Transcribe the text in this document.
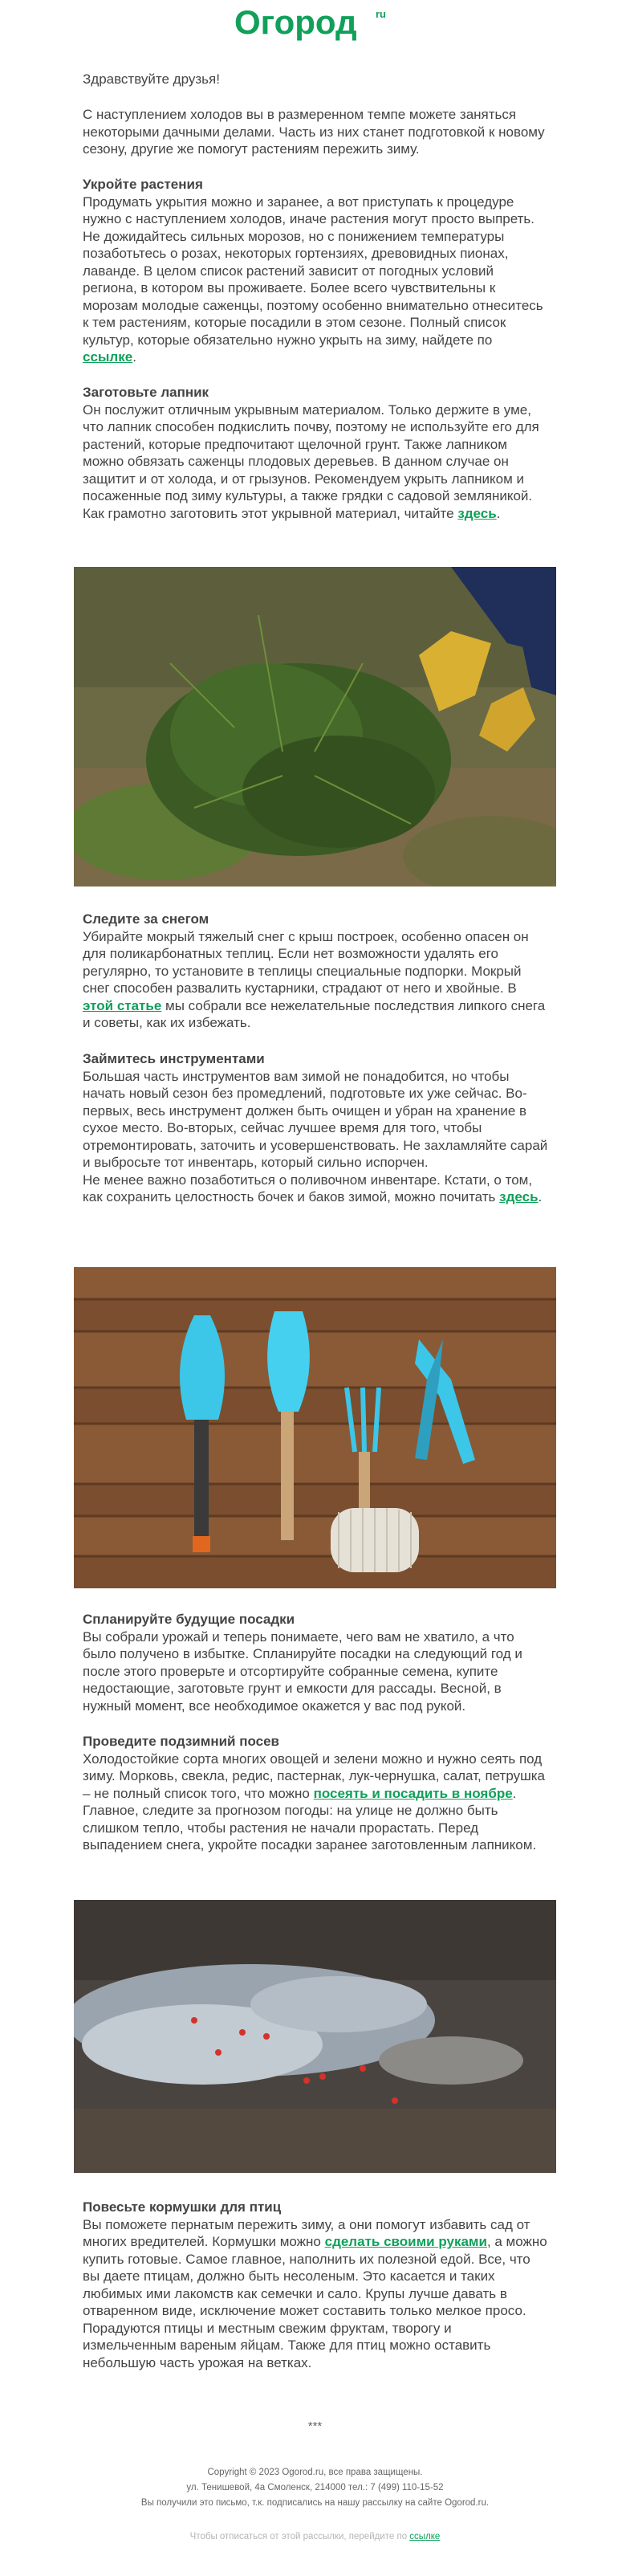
Огород ru

Здравствуйте друзья!

С наступлением холодов вы в размеренном темпе можете заняться некоторыми дачными делами. Часть из них станет подготовкой к новому сезону, другие же помогут растениям пережить зиму.

Укройте растения

Продумать укрытия можно и заранее, а вот приступать к процедуре нужно с наступлением холодов, иначе растения могут просто выпреть. Не дожидайтесь сильных морозов, но с понижением температуры позаботьтесь о розах, некоторых гортензиях, древовидных пионах, лаванде. В целом список растений зависит от погодных условий региона, в котором вы проживаете. Более всего чувствительны к морозам молодые саженцы, поэтому особенно внимательно отнеситесь к тем растениям, которые посадили в этом сезоне. Полный список культур, которые обязательно нужно укрыть на зиму, найдете по ссылке.

Заготовьте лапник

Он послужит отличным укрывным материалом. Только держите в уме, что лапник способен подкислить почву, поэтому не используйте его для растений, которые предпочитают щелочной грунт. Также лапником можно обвязать саженцы плодовых деревьев. В данном случае он защитит и от холода, и от грызунов. Рекомендуем укрыть лапником и посаженные под зиму культуры, а также грядки с садовой земляникой. Как грамотно заготовить этот укрывной материал, читайте здесь.

Следите за снегом

Убирайте мокрый тяжелый снег с крыш построек, особенно опасен он для поликарбонатных теплиц. Если нет возможности удалять его регулярно, то установите в теплицы специальные подпорки. Мокрый снег способен развалить кустарники, страдают от него и хвойные. В этой статье мы собрали все нежелательные последствия липкого снега и советы, как их избежать.

Займитесь инструментами

Большая часть инструментов вам зимой не понадобится, но чтобы начать новый сезон без промедлений, подготовьте их уже сейчас. Во-первых, весь инструмент должен быть очищен и убран на хранение в сухое место. Во-вторых, сейчас лучшее время для того, чтобы отремонтировать, заточить и усовершенствовать. Не захламляйте сарай и выбросьте тот инвентарь, который сильно испорчен.

Не менее важно позаботиться о поливочном инвентаре. Кстати, о том, как сохранить целостность бочек и баков зимой, можно почитать здесь.

Спланируйте будущие посадки

Вы собрали урожай и теперь понимаете, чего вам не хватило, а что было получено в избытке. Спланируйте посадки на следующий год и после этого проверьте и отсортируйте собранные семена, купите недостающие, заготовьте грунт и емкости для рассады. Весной, в нужный момент, все необходимое окажется у вас под рукой.

Проведите подзимний посев

Холодостойкие сорта многих овощей и зелени можно и нужно сеять под зиму. Морковь, свекла, редис, пастернак, лук-чернушка, салат, петрушка – не полный список того, что можно посеять и посадить в ноябре. Главное, следите за прогнозом погоды: на улице не должно быть слишком тепло, чтобы растения не начали прорастать. Перед выпадением снега, укройте посадки заранее заготовленным лапником.

Повесьте кормушки для птиц

Вы поможете пернатым пережить зиму, а они помогут избавить сад от многих вредителей. Кормушки можно сделать своими руками, а можно купить готовые. Самое главное, наполнить их полезной едой. Все, что вы даете птицам, должно быть несоленым. Это касается и таких любимых ими лакомств как семечки и сало. Крупы лучше давать в отваренном виде, исключение может составить только мелкое просо. Порадуются птицы и местным свежим фруктам, творогу и измельченным вареным яйцам. Также для птиц можно оставить небольшую часть урожая на ветках.

***
Copyright © 2023 Ogorod.ru, все права защищены.
ул. Тенишевой, 4а Смоленск, 214000 тел.: 7 (499) 110-15-52
Вы получили это письмо, т.к. подписались на нашу рассылку на сайте Ogorod.ru.
Чтобы отписаться от этой рассылки, перейдите по ссылке
